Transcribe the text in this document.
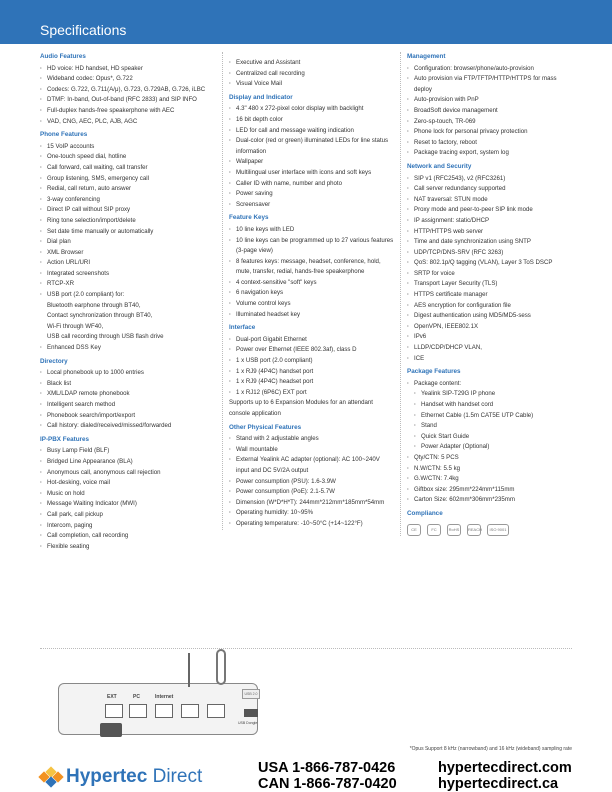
Specifications
Audio Features
· HD voice: HD handset, HD speaker
· Wideband codec: Opus*, G.722
· Codecs: G.722, G.711(A/μ), G.723, G.729AB, G.726, iLBC
· DTMF: In-band, Out-of-band (RFC 2833) and SIP INFO
· Full-duplex hands-free speakerphone with AEC
· VAD, CNG, AEC, PLC, AJB, AGC
Phone Features
· 15 VoIP accounts
· One-touch speed dial, hotline
· Call forward, call waiting, call transfer
· Group listening, SMS, emergency call
· Redial, call return, auto answer
· 3-way conferencing
· Direct IP call without SIP proxy
· Ring tone selection/import/delete
· Set date time manually or automatically
· Dial plan
· XML Browser
· Action URL/URI
· Integrated screenshots
· RTCP-XR
· USB port (2.0 compliant) for:
Bluetooth earphone through BT40,
Contact synchronization through BT40,
Wi-Fi through WF40,
USB call recording through USB flash drive
· Enhanced DSS Key
Directory
· Local phonebook up to 1000 entries
· Black list
· XML/LDAP remote phonebook
· Intelligent search method
· Phonebook search/import/export
· Call history: dialed/received/missed/forwarded
IP-PBX Features
· Busy Lamp Field (BLF)
· Bridged Line Appearance (BLA)
· Anonymous call, anonymous call rejection
· Hot-desking, voice mail
· Music on hold
· Message Waiting Indicator (MWI)
· Call park, call pickup
· Intercom, paging
· Call completion, call recording
· Flexible seating
· Executive and Assistant
· Centralized call recording
· Visual Voice Mail
Display and Indicator
· 4.3" 480 x 272-pixel color display with backlight
· 16 bit depth color
· LED for call and message waiting indication
· Dual-color (red or green) illuminated LEDs for line status information
· Wallpaper
· Multilingual user interface with icons and soft keys
· Caller ID with name, number and photo
· Power saving
· Screensaver
Feature Keys
· 10 line keys with LED
· 10 line keys can be programmed up to 27 various features (3-page view)
· 8 features keys: message, headset, conference, hold, mute, transfer, redial, hands-free speakerphone
· 4 context-sensitive "soft" keys
· 6 navigation keys
· Volume control keys
· Illuminated headset key
Interface
· Dual-port Gigabit Ethernet
· Power over Ethernet (IEEE 802.3af), class D
· 1 x USB port (2.0 compliant)
· 1 x RJ9 (4P4C) handset port
· 1 x RJ9 (4P4C) headset port
· 1 x RJ12 (6P6C) EXT port
Supports up to 6 Expansion Modules for an attendant console application
Other Physical Features
· Stand with 2 adjustable angles
· Wall mountable
· External Yealink AC adapter (optional): AC 100~240V input and DC 5V/2A output
· Power consumption (PSU): 1.6-3.9W
· Power consumption (PoE): 2.1-5.7W
· Dimension (W*D*H*T): 244mm*212mm*185mm*54mm
· Operating humidity: 10~95%
· Operating temperature: -10~50°C (+14~122°F)
Management
· Configuration: browser/phone/auto-provision
· Auto provision via FTP/TFTP/HTTP/HTTPS for mass deploy
· Auto-provision with PnP
· BroadSoft device management
· Zero-sp-touch, TR-069
· Phone lock for personal privacy protection
· Reset to factory, reboot
· Package tracing export, system log
Network and Security
· SIP v1 (RFC2543), v2 (RFC3261)
· Call server redundancy supported
· NAT traversal: STUN mode
· Proxy mode and peer-to-peer SIP link mode
· IP assignment: static/DHCP
· HTTP/HTTPS web server
· Time and date synchronization using SNTP
· UDP/TCP/DNS-SRV (RFC 3263)
· QoS: 802.1p/Q tagging (VLAN), Layer 3 ToS DSCP
· SRTP for voice
· Transport Layer Security (TLS)
· HTTPS certificate manager
· AES encryption for configuration file
· Digest authentication using MD5/MD5-sess
· OpenVPN, IEEE802.1X
· IPv6
· LLDP/CDP/DHCP VLAN,
· ICE
Package Features
· Package content:
· Yealink SIP-T29G IP phone
· Handset with handset cord
· Ethernet Cable (1.5m CAT5E UTP Cable)
· Stand
· Quick Start Guide
· Power Adapter (Optional)
· Qty/CTN: 5 PCS
· N.W/CTN: 5.5 kg
· G.W/CTN: 7.4kg
· Giftbox size: 295mm*224mm*115mm
· Carton Size: 602mm*306mm*235mm
Compliance
CE	FC	RoHS	REACH	ISO 9001
EXT	PC	Internet	USB 2.0
USB Dongle
*Opus Support 8 kHz (narrowband) and 16 kHz (wideband) sampling rate
Hypertec Direct	USA 1-866-787-0426
CAN 1-866-787-0420
hypertecdirect.com
hypertecdirect.ca
